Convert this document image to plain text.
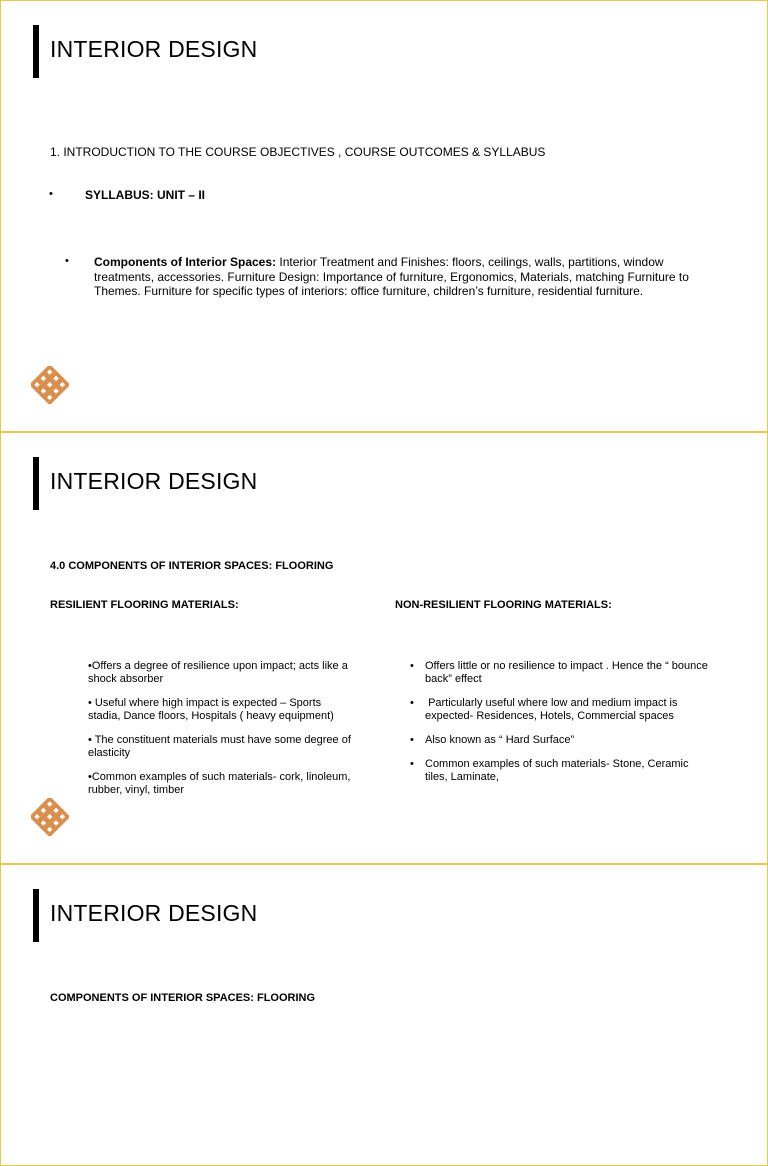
INTERIOR DESIGN
1. INTRODUCTION TO THE COURSE OBJECTIVES , COURSE OUTCOMES & SYLLABUS
•	SYLLABUS: UNIT – II
• Components of Interior Spaces: Interior Treatment and Finishes: floors, ceilings, walls, partitions, window treatments, accessories. Furniture Design: Importance of furniture, Ergonomics, Materials, matching Furniture to Themes. Furniture for specific types of interiors: office furniture, children’s furniture, residential furniture.
INTERIOR DESIGN
4.0 COMPONENTS OF INTERIOR SPACES: FLOORING
RESILIENT FLOORING MATERIALS:	NON-RESILIENT FLOORING MATERIALS:
•Offers a degree of resilience upon impact; acts like a shock absorber
• Useful where high impact is expected – Sports stadia, Dance floors, Hospitals ( heavy equipment)
• The constituent materials must have some degree of elasticity
•Common examples of such materials- cork, linoleum, rubber, vinyl, timber
• Offers little or no resilience to impact . Hence the “ bounce back” effect
• Particularly useful where low and medium impact is expected- Residences, Hotels, Commercial spaces
• Also known as “ Hard Surface”
• Common examples of such materials- Stone, Ceramic tiles, Laminate,
INTERIOR DESIGN
COMPONENTS OF INTERIOR SPACES: FLOORING
